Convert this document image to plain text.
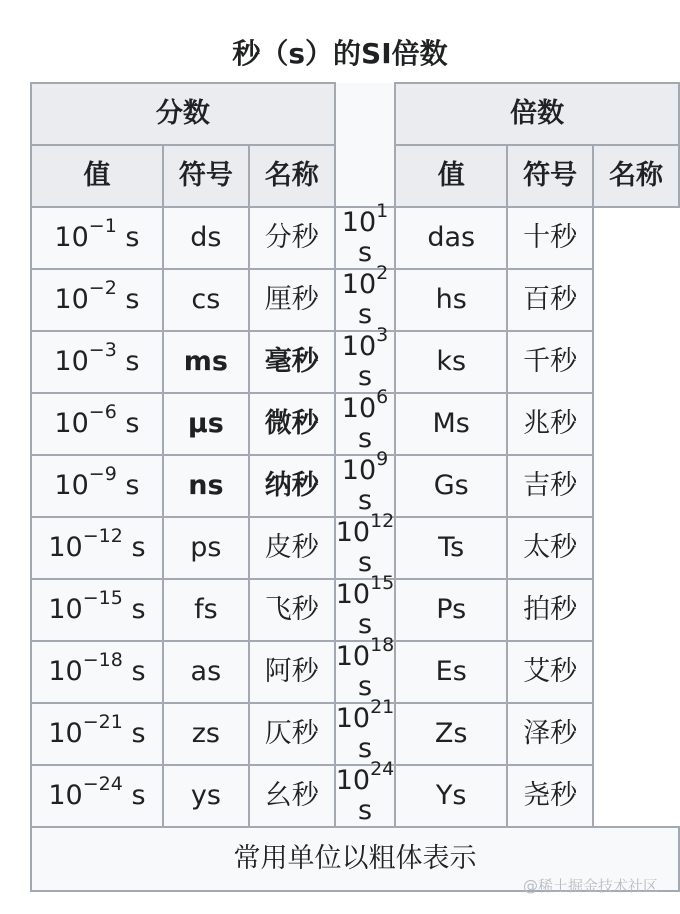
秒（s）的SI倍数
分数				倍数		
值	符号	名称		值	符号	名称
$10^{-1}$ s	ds	分秒	$10^1$ s	das	十秒	
$10^{-2}$ s	cs	厘秒	$10^2$ s	hs	百秒	
$10^{-3}$ s	ms	毫秒	$10^3$ s	ks	千秒	
$10^{-6}$ s	µs	微秒	$10^6$ s	Ms	兆秒	
$10^{-9}$ s	ns	纳秒	$10^9$ s	Gs	吉秒	
$10^{-12}$ s	ps	皮秒	$10^{12}$ s	Ts	太秒	
$10^{-15}$ s	fs	飞秒	$10^{15}$ s	Ps	拍秒	
$10^{-18}$ s	as	阿秒	$10^{18}$ s	Es	艾秒	
$10^{-21}$ s	zs	仄秒	$10^{21}$ s	Zs	泽秒	
$10^{-24}$ s	ys	幺秒	$10^{24}$ s	Ys	尧秒	
常用单位以粗体表示						
@稀土掘金技术社区
